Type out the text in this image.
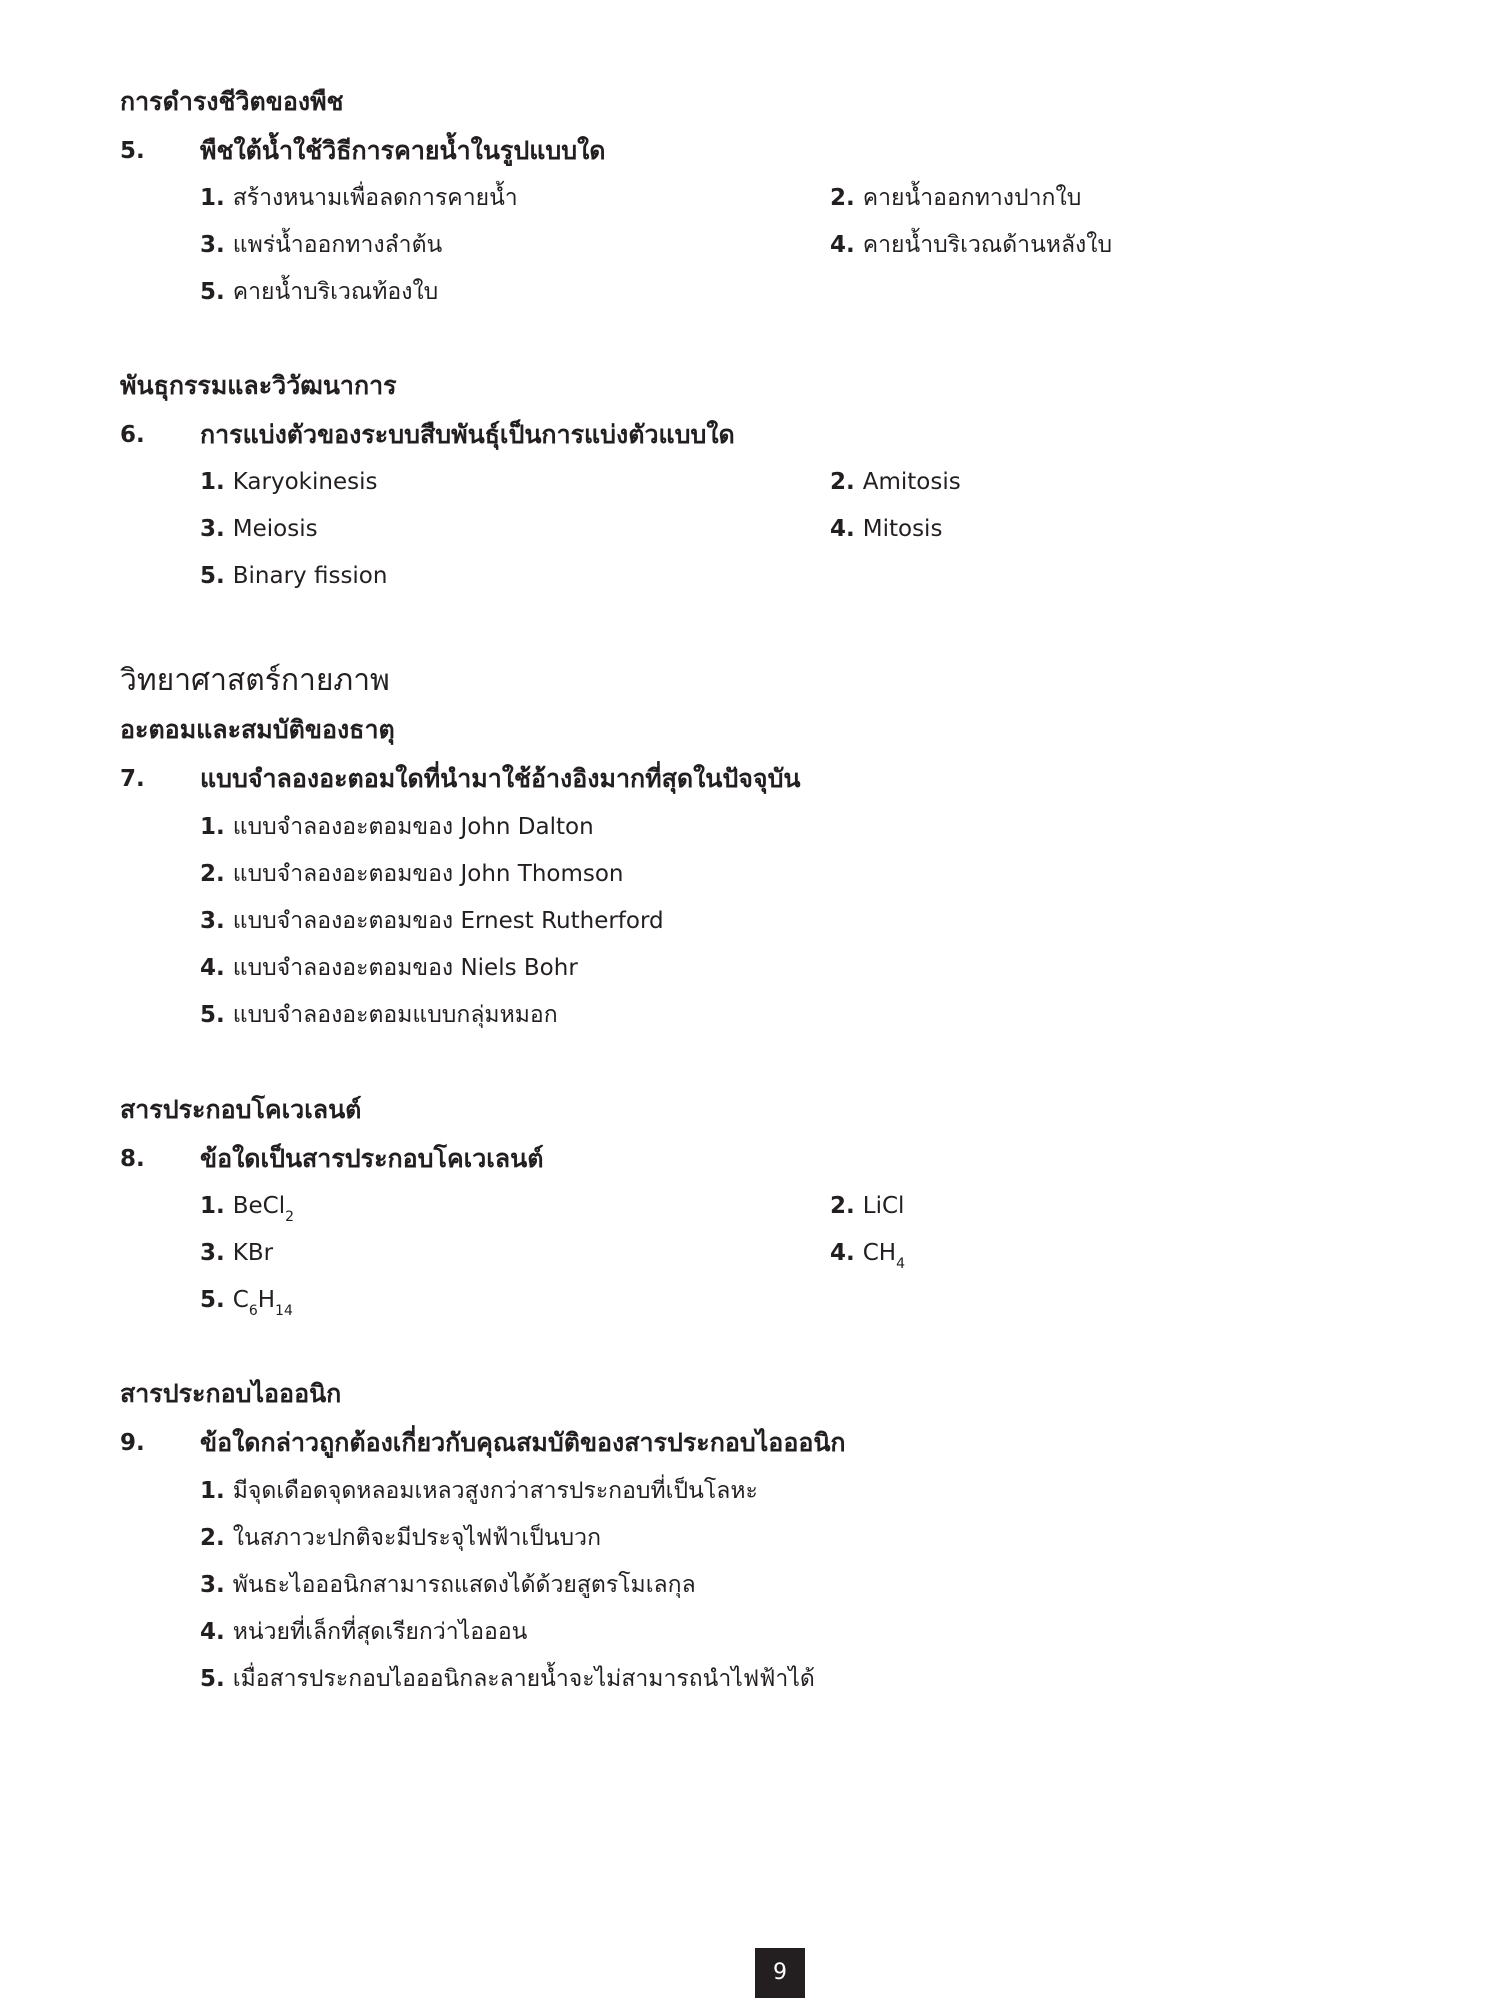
การดำรงชีวิตของพืช
5. พืชใต้น้ำใช้วิธีการคายน้ำในรูปแบบใด
1. สร้างหนามเพื่อลดการคายน้ำ	2. คายน้ำออกทางปากใบ
3. แพร่น้ำออกทางลำต้น	4. คายน้ำบริเวณด้านหลังใบ
5. คายน้ำบริเวณท้องใบ
พันธุกรรมและวิวัฒนาการ
6. การแบ่งตัวของระบบสืบพันธุ์เป็นการแบ่งตัวแบบใด
1. Karyokinesis	2. Amitosis
3. Meiosis	4. Mitosis
5. Binary fission
วิทยาศาสตร์กายภาพ
อะตอมและสมบัติของธาตุ
7. แบบจำลองอะตอมใดที่นำมาใช้อ้างอิงมากที่สุดในปัจจุบัน
1. แบบจำลองอะตอมของ John Dalton
2. แบบจำลองอะตอมของ John Thomson
3. แบบจำลองอะตอมของ Ernest Rutherford
4. แบบจำลองอะตอมของ Niels Bohr
5. แบบจำลองอะตอมแบบกลุ่มหมอก
สารประกอบโคเวเลนต์
8. ข้อใดเป็นสารประกอบโคเวเลนต์
1. BeCl$_2$	2. LiCl
3. KBr	4. $CH_4$
5. $C_6H_{14}$
สารประกอบไอออนิก
9. ข้อใดกล่าวถูกต้องเกี่ยวกับคุณสมบัติของสารประกอบไอออนิก
1. มีจุดเดือดจุดหลอมเหลวสูงกว่าสารประกอบที่เป็นโลหะ
2. ในสภาวะปกติจะมีประจุไฟฟ้าเป็นบวก
3. พันธะไอออนิกสามารถแสดงได้ด้วยสูตรโมเลกุล
4. หน่วยที่เล็กที่สุดเรียกว่าไอออน
5. เมื่อสารประกอบไอออนิกละลายน้ำจะไม่สามารถนำไฟฟ้าได้
9
